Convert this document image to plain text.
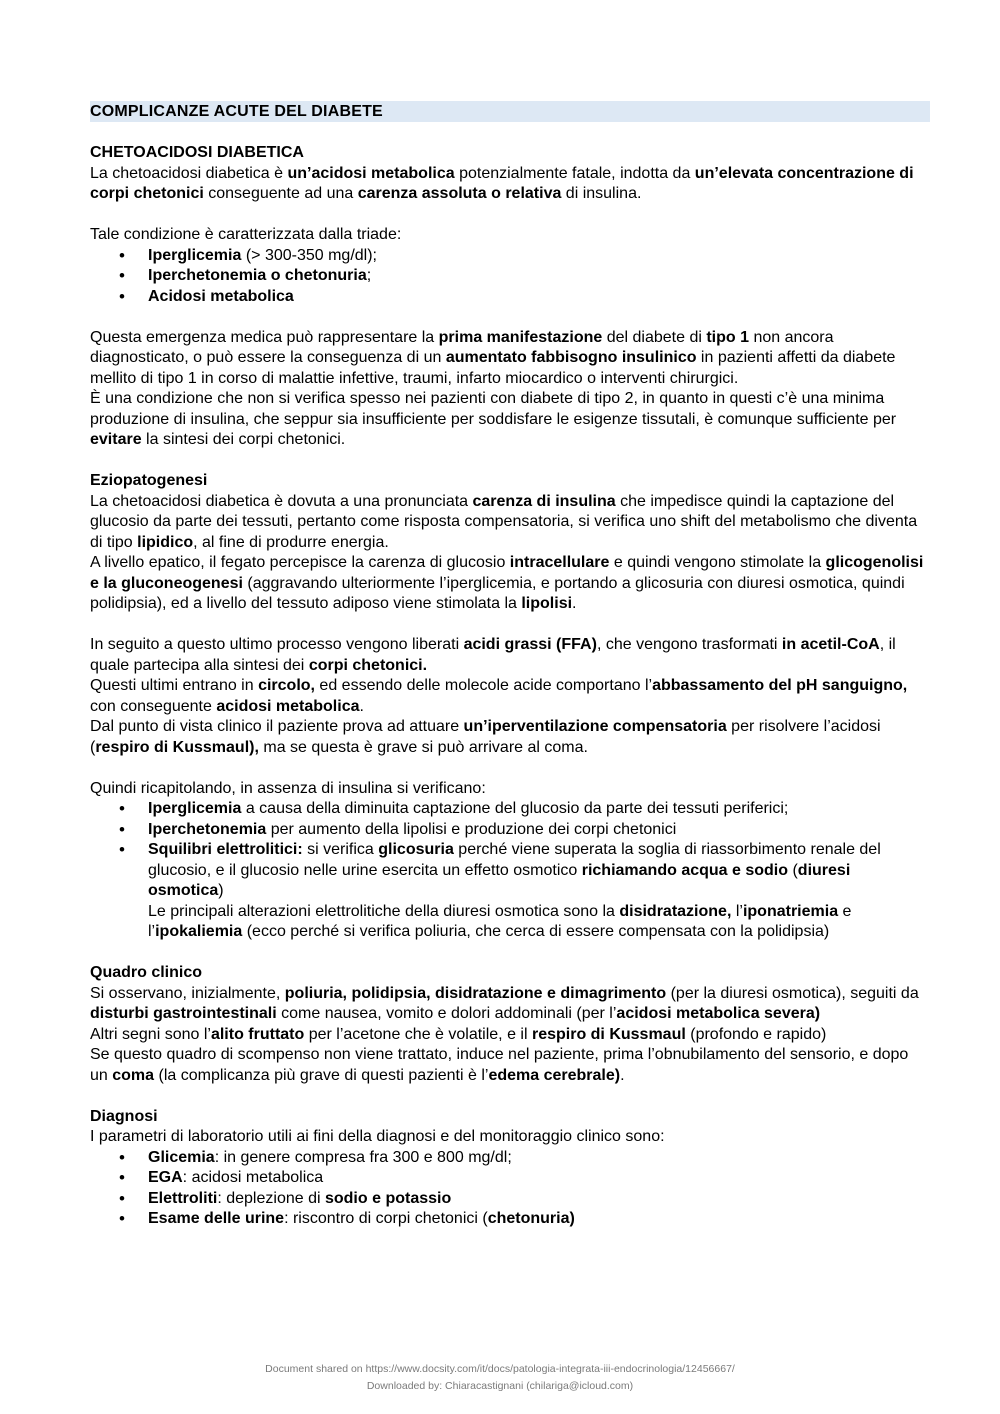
COMPLICANZE ACUTE DEL DIABETE
CHETOACIDOSI DIABETICA

La chetoacidosi diabetica è un’acidosi metabolica potenzialmente fatale, indotta da un’elevata concentrazione di corpi chetonici conseguente ad una carenza assoluta o relativa di insulina.

Tale condizione è caratterizzata dalla triade:

• Iperglicemia (> 300-350 mg/dl);
• Iperchetonemia o chetonuria;
• Acidosi metabolica

Questa emergenza medica può rappresentare la prima manifestazione del diabete di tipo 1 non ancora diagnosticato, o può essere la conseguenza di un aumentato fabbisogno insulinico in pazienti affetti da diabete mellito di tipo 1 in corso di malattie infettive, traumi, infarto miocardico o interventi chirurgici.

È una condizione che non si verifica spesso nei pazienti con diabete di tipo 2, in quanto in questi c’è una minima produzione di insulina, che seppur sia insufficiente per soddisfare le esigenze tissutali, è comunque sufficiente per evitare la sintesi dei corpi chetonici.

Eziopatogenesi

La chetoacidosi diabetica è dovuta a una pronunciata carenza di insulina che impedisce quindi la captazione del glucosio da parte dei tessuti, pertanto come risposta compensatoria, si verifica uno shift del metabolismo che diventa di tipo lipidico, al fine di produrre energia.

A livello epatico, il fegato percepisce la carenza di glucosio intracellulare e quindi vengono stimolate la glicogenolisi e la gluconeogenesi (aggravando ulteriormente l’iperglicemia, e portando a glicosuria con diuresi osmotica, quindi polidipsia), ed a livello del tessuto adiposo viene stimolata la lipolisi.

In seguito a questo ultimo processo vengono liberati acidi grassi (FFA), che vengono trasformati in acetil-CoA, il quale partecipa alla sintesi dei corpi chetonici.

Questi ultimi entrano in circolo, ed essendo delle molecole acide comportano l’abbassamento del pH sanguigno, con conseguente acidosi metabolica.

Dal punto di vista clinico il paziente prova ad attuare un’iperventilazione compensatoria per risolvere l’acidosi (respiro di Kussmaul), ma se questa è grave si può arrivare al coma.

Quindi ricapitolando, in assenza di insulina si verificano:

• Iperglicemia a causa della diminuita captazione del glucosio da parte dei tessuti periferici;
• Iperchetonemia per aumento della lipolisi e produzione dei corpi chetonici
• Squilibri elettrolitici: si verifica glicosuria perché viene superata la soglia di riassorbimento renale del glucosio, e il glucosio nelle urine esercita un effetto osmotico richiamando acqua e sodio (diuresi osmotica)
Le principali alterazioni elettrolitiche della diuresi osmotica sono la disidratazione, l’iponatriemia e l’ipokaliemia (ecco perché si verifica poliuria, che cerca di essere compensata con la polidipsia)
Quadro clinico

Si osservano, inizialmente, poliuria, polidipsia, disidratazione e dimagrimento (per la diuresi osmotica), seguiti da disturbi gastrointestinali come nausea, vomito e dolori addominali (per l’acidosi metabolica severa)

Altri segni sono l’alito fruttato per l’acetone che è volatile, e il respiro di Kussmaul (profondo e rapido)

Se questo quadro di scompenso non viene trattato, induce nel paziente, prima l’obnubilamento del sensorio, e dopo un coma (la complicanza più grave di questi pazienti è l’edema cerebrale).

Diagnosi

I parametri di laboratorio utili ai fini della diagnosi e del monitoraggio clinico sono:

• Glicemia: in genere compresa fra 300 e 800 mg/dl;
• EGA: acidosi metabolica
• Elettroliti: deplezione di sodio e potassio
• Esame delle urine: riscontro di corpi chetonici (chetonuria)
Document shared on https://www.docsity.com/it/docs/patologia-integrata-iii-endocrinologia/12456667/
Downloaded by: Chiaracastignani (chilariga@icloud.com)
